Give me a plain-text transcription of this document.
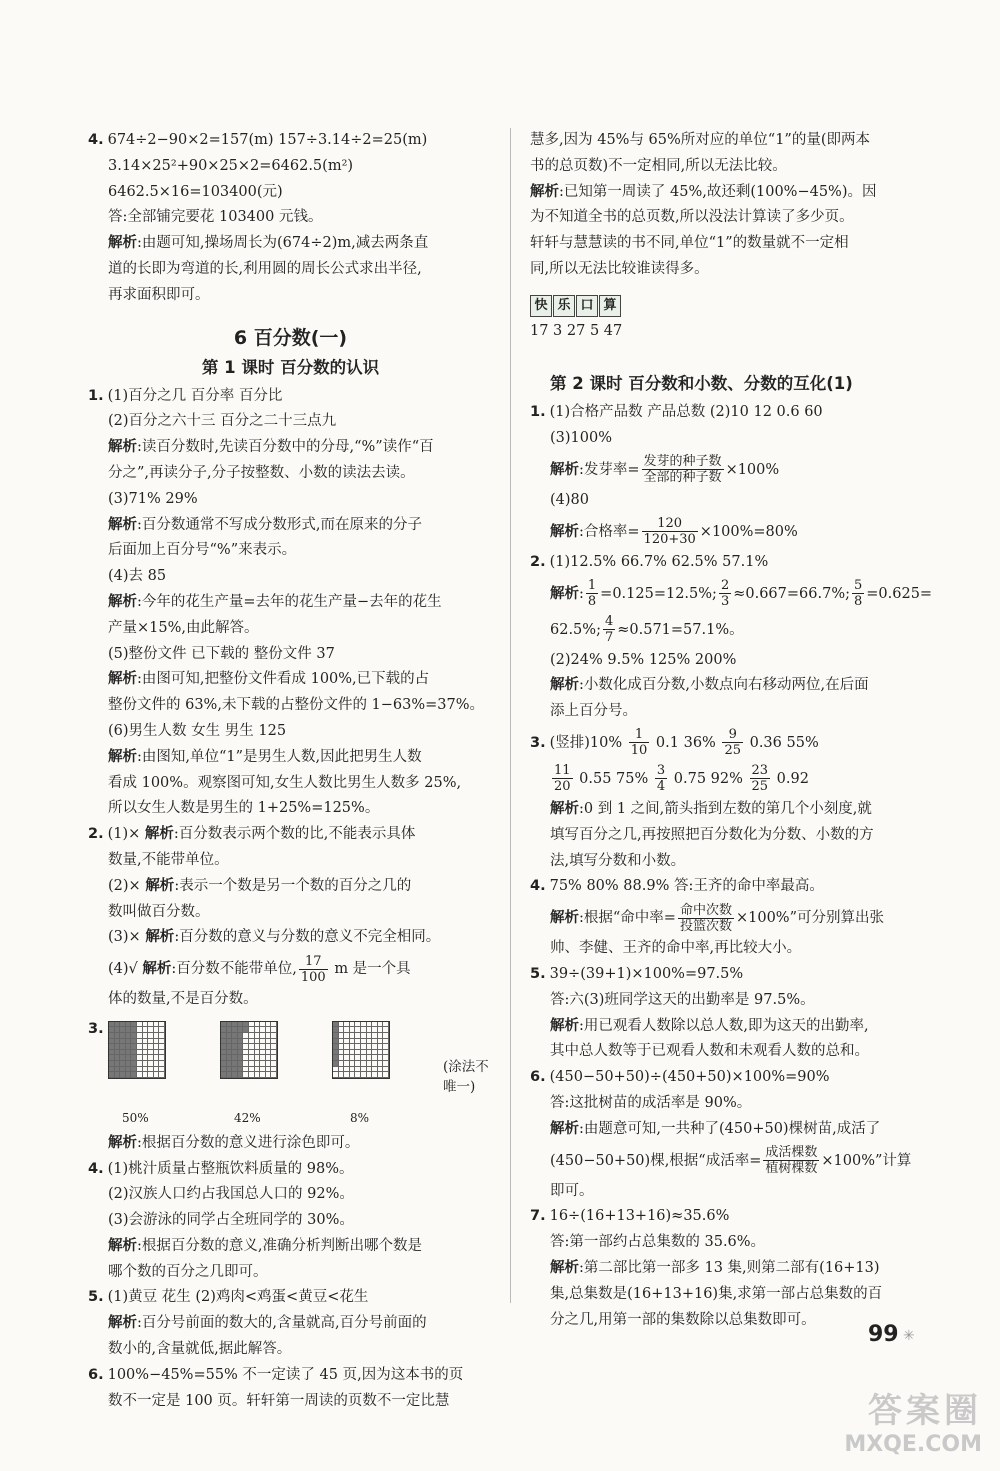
4. 674÷2−90×2=157(m) 157÷3.14÷2=25(m)
3.14×25²+90×25×2=6462.5(m²)
6462.5×16=103400(元)
答:全部铺完要花 103400 元钱。
解析:由题可知,操场周长为(674÷2)m,减去两条直
道的长即为弯道的长,利用圆的周长公式求出半径,
再求面积即可。
6 百分数(一)
第 1 课时 百分数的认识
1. (1)百分之几 百分率 百分比
(2)百分之六十三 百分之二十三点九
解析:读百分数时,先读百分数中的分母,“%”读作“百
分之”,再读分子,分子按整数、小数的读法去读。
(3)71% 29%
解析:百分数通常不写成分数形式,而在原来的分子
后面加上百分号“%”来表示。
(4)去 85
解析:今年的花生产量=去年的花生产量−去年的花生
产量×15%,由此解答。
(5)整份文件 已下载的 整份文件 37
解析:由图可知,把整份文件看成 100%,已下载的占
整份文件的 63%,未下载的占整份文件的 1−63%=37%。
(6)男生人数 女生 男生 125
解析:由图知,单位“1”是男生人数,因此把男生人数
看成 100%。观察图可知,女生人数比男生人数多 25%,
所以女生人数是男生的 1+25%=125%。
2. (1)× 解析:百分数表示两个数的比,不能表示具体
数量,不能带单位。
(2)× 解析:表示一个数是另一个数的百分之几的
数叫做百分数。
(3)× 解析:百分数的意义与分数的意义不完全相同。
(4)√ 解析:百分数不能带单位, $\frac{17}{100}$ m 是一个具
体的数量,不是百分数。
3.
50%	42%	8%
(涂法不
唯一)
解析:根据百分数的意义进行涂色即可。
4. (1)桃汁质量占整瓶饮料质量的 98%。
(2)汉族人口约占我国总人口的 92%。
(3)会游泳的同学占全班同学的 30%。
解析:根据百分数的意义,准确分析判断出哪个数是
哪个数的百分之几即可。
5. (1)黄豆 花生 (2)鸡肉<鸡蛋<黄豆<花生
解析:百分号前面的数大的,含量就高,百分号前面的
数小的,含量就低,据此解答。
6. 100%−45%=55% 不一定读了 45 页,因为这本书的页
数不一定是 100 页。轩轩第一周读的页数不一定比慧
慧多,因为 45%与 65%所对应的单位“1”的量(即两本
书的总页数)不一定相同,所以无法比较。
解析:已知第一周读了 45%,故还剩(100%−45%)。因
为不知道全书的总页数,所以没法计算读了多少页。
轩轩与慧慧读的书不同,单位“1”的数量就不一定相
同,所以无法比较谁读得多。
快 乐 口 算
17 3 27 5 47
第 2 课时 百分数和小数、分数的互化(1)
1. (1)合格产品数 产品总数 (2)10 12 0.6 60
(3)100%
解析:发芽率= $\frac{\text{发芽的种子数}}{\text{全部的种子数}} \times 100\%$
(4)80
解析:合格率= $\frac{120}{120+30} \times 100\%=80\%$
2. (1)12.5% 66.7% 62.5% 57.1%
解析: $\frac{1}{8} =0.125=12.5\%$; $\frac{2}{3} \approx 0.667=66.7\%$; $\frac{5}{8} =0.625=$
62.5%; $\frac{4}{7} \approx 0.571=57.1\%$。
(2)24% 9.5% 125% 200%
解析:小数化成百分数,小数点向右移动两位,在后面
添上百分号。
3. (竖排)$10\% \frac{1}{10} 0.1$ $36\% \frac{9}{25} 0.36$ 55%
$\frac{11}{20} 0.55$ $75\% \frac{3}{4} 0.75$ $92\% \frac{23}{25} 0.92$
解析:0 到 1 之间,箭头指到左数的第几个小刻度,就
填写百分之几,再按照把百分数化为分数、小数的方
法,填写分数和小数。
4. 75% 80% 88.9% 答:王齐的命中率最高。
解析:根据“命中率= $\frac{\text{命中次数}}{\text{投篮次数}} \times 100\%$”可分别算出张
帅、李健、王齐的命中率,再比较大小。
5. 39÷(39+1)×100%=97.5%
答:六(3)班同学这天的出勤率是 97.5%。
解析:用已观看人数除以总人数,即为这天的出勤率,
其中总人数等于已观看人数和未观看人数的总和。
6. (450−50+50)÷(450+50)×100%=90%
答:这批树苗的成活率是 90%。
解析:由题意可知,一共种了(450+50)棵树苗,成活了
(450−50+50)棵,根据“成活率= $\frac{\text{成活棵数}}{\text{植树棵数}} \times 100\%$”计算
即可。
7. 16÷(16+13+16)≈35.6%
答:第一部约占总集数的 35.6%。
解析:第二部比第一部多 13 集,则第二部有(16+13)
集,总集数是(16+13+16)集,求第一部占总集数的百
分之几,用第一部的集数除以总集数即可。
99 ✳
答案圈
MXQE.COM
